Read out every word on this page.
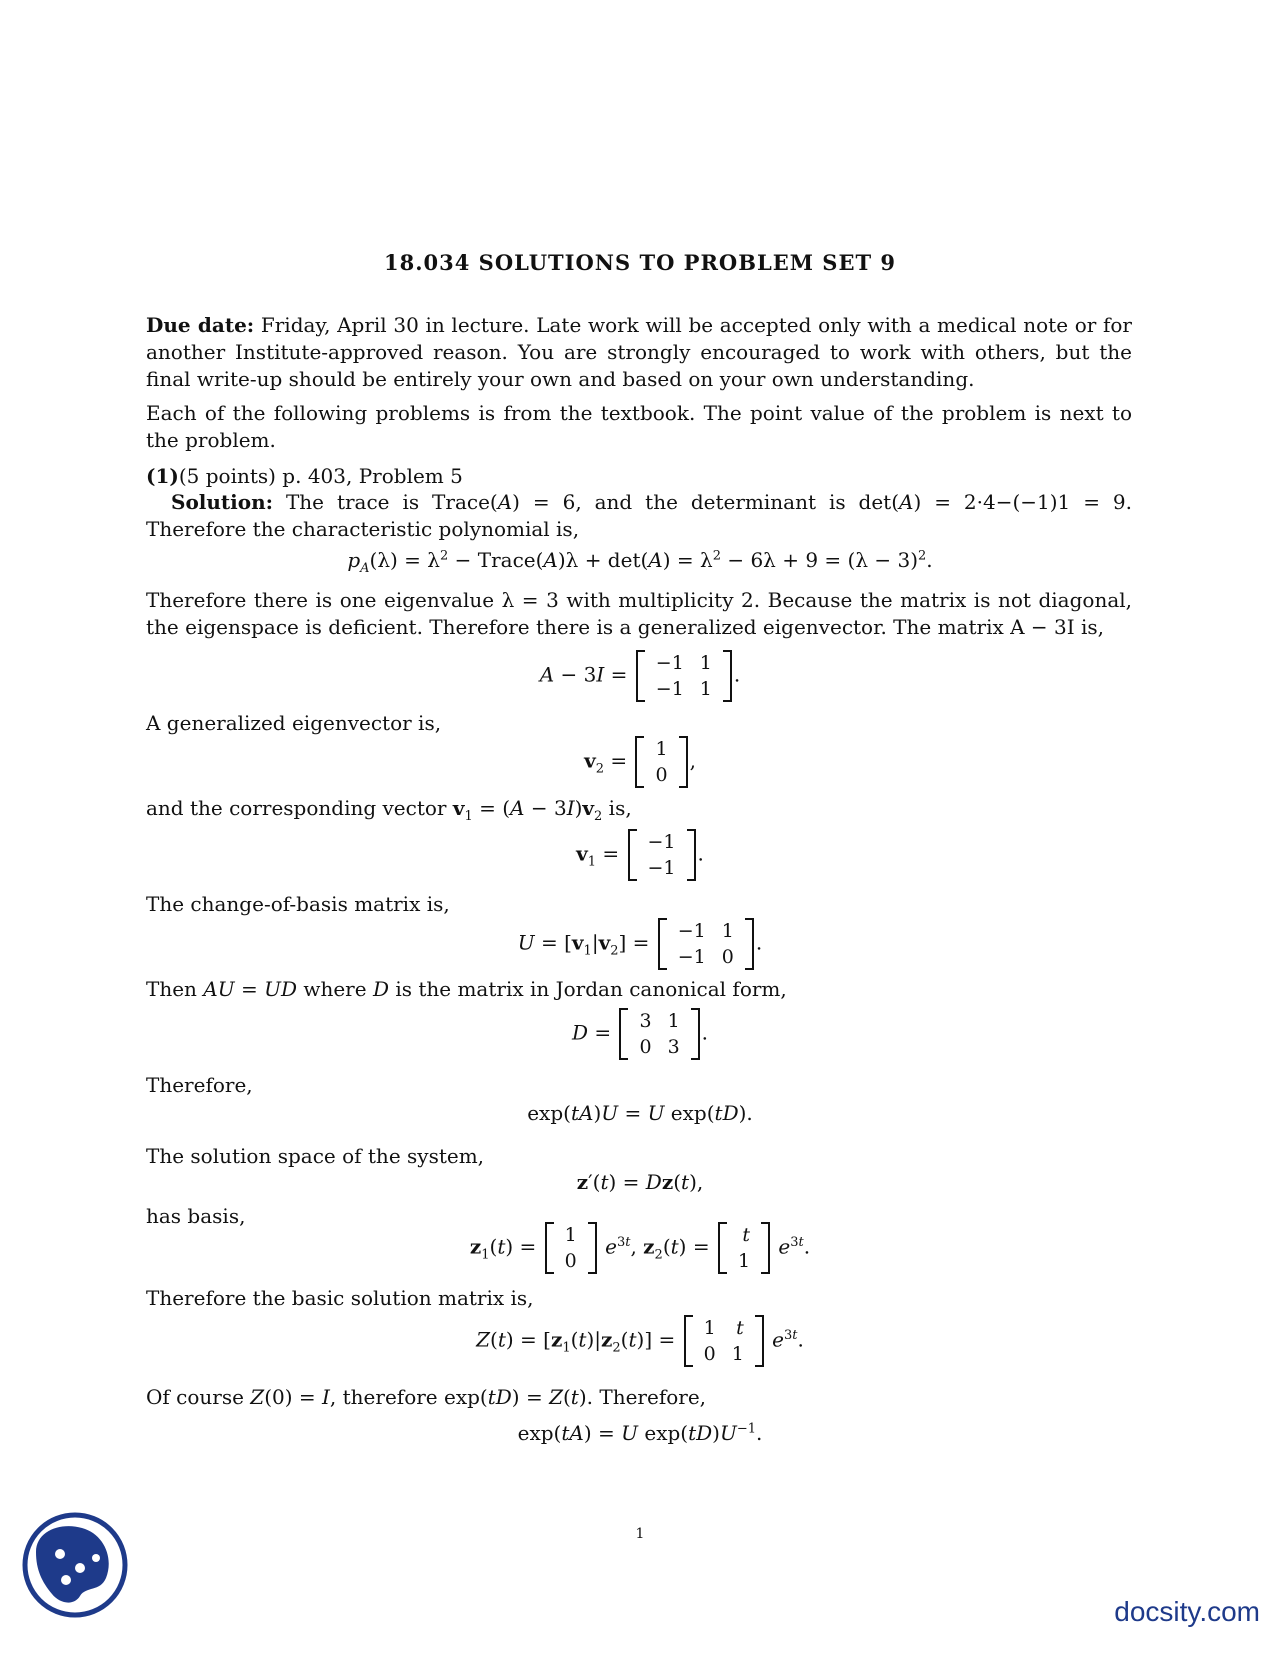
18.034 SOLUTIONS TO PROBLEM SET 9
Due date: Friday, April 30 in lecture. Late work will be accepted only with a medical note or for another Institute-approved reason. You are strongly encouraged to work with others, but the final write-up should be entirely your own and based on your own understanding.
Each of the following problems is from the textbook. The point value of the problem is next to the problem.
(1)(5 points) p. 403, Problem 5
Solution: The trace is Trace(A) = 6, and the determinant is det(A) = 2·4−(−1)1 = 9. Therefore the characteristic polynomial is,
$p_A(\lambda) = \lambda^2$ − Trace(A)λ + $\det(A) = \lambda^2 - 6\lambda + 9 = (\lambda - 3)^2$.
Therefore there is one eigenvalue λ = 3 with multiplicity 2. Because the matrix is not diagonal, the eigenspace is deficient. Therefore there is a generalized eigenvector. The matrix A − 3I is,
A − 3I = −1	1
−1	1
.
A generalized eigenvector is,
$v_2 = 1$
0
,
and the corresponding vector $v_1 = (A - 3I)v_2$ is,
$v_1 = -1$
−1
.
The change-of-basis matrix is,
$U = [v_1|v_2] = -1$	1
−1	0
.
Then AU = UD where D is the matrix in Jordan canonical form,
D = 3	1
0	3
.
Therefore,
exp(tA)U = U exp(tD).
The solution space of the system,
z′(t) = Dz(t),
has basis,
$z_1(t) = 1$
0
$e^{3t}$, $z_2(t) = t$
1
$e^{3t}$.
Therefore the basic solution matrix is,
$Z(t) = [z_1(t)|z_2(t)] = 1$	t
0	1
$e^{3t}$.
Of course Z(0) = I, therefore exp(tD) = Z(t). Therefore,
exp(tA) = U $\exp(tD)U^{-1}$.
1
docsity.com
